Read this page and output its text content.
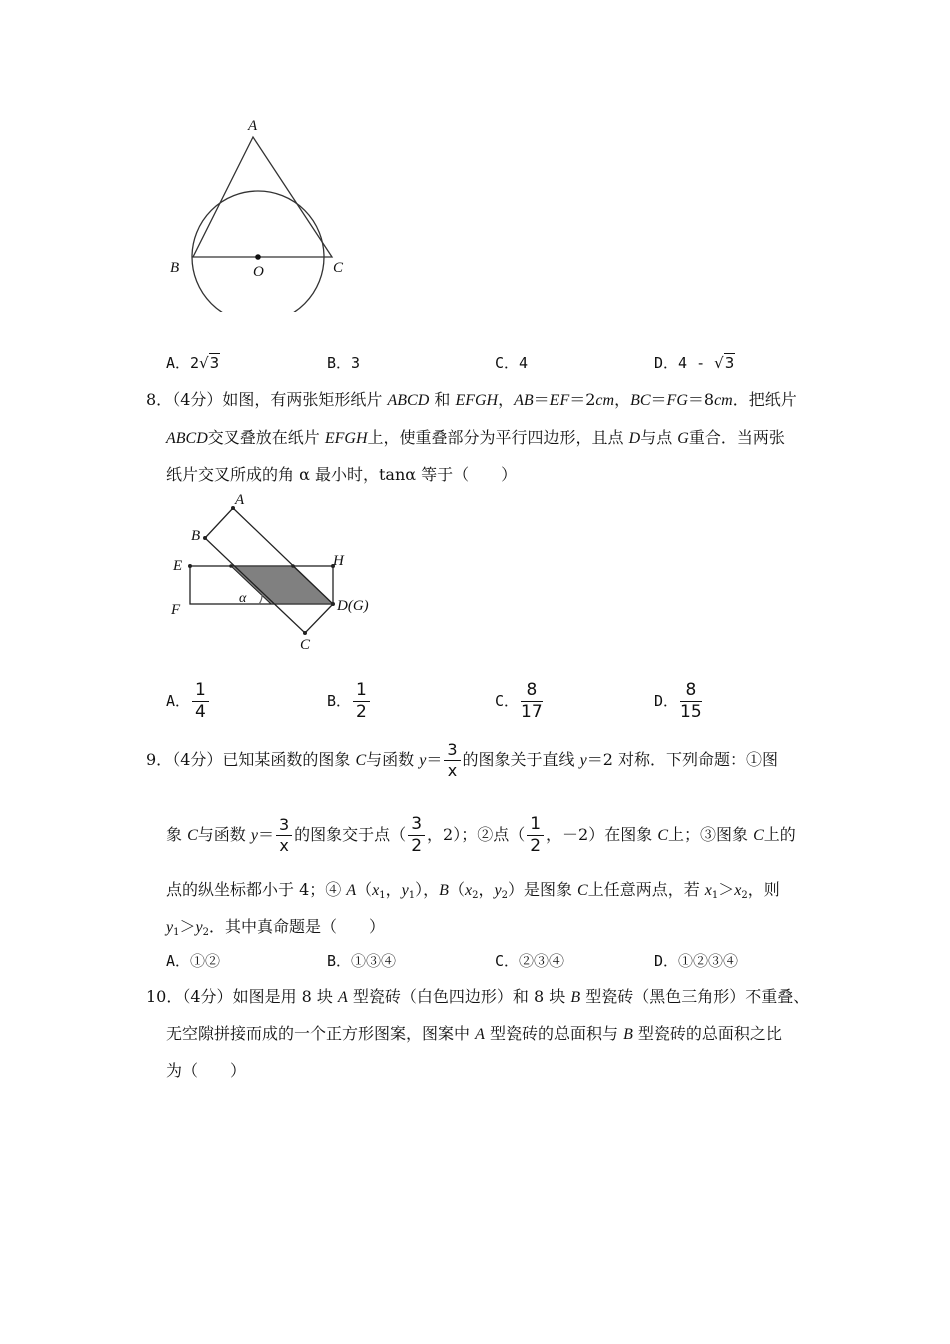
A
B	C
O
A．2√3	B．3	C．4	D．4 - √3
8．（4分）如图，有两张矩形纸片 ABCD 和 EFGH，AB＝EF＝2cm，BC＝FG＝8cm．把纸片
ABCD交叉叠放在纸片 EFGH上，使重叠部分为平行四边形，且点 D与点 G重合．当两张
纸片交叉所成的角 α 最小时，tanα 等于（　　）
A
B
C
E
F
H
D(G)
α
A． $\frac{1}{4}$	B． $\frac{1}{2}$	C． $\frac{8}{17}$	D． $\frac{8}{15}$
9．（4分）已知某函数的图象 C与函数 $y= \frac{3}{x}$ 的图象关于直线 y＝2 对称．下列命题：①图
象 C与函数 $y= \frac{3}{x}$ 的图象交于点（ $\frac{3}{2}$ ，2）；②点（ $\frac{1}{2}$ ，－2）在图象 C上；③图象 C上的
点的纵坐标都小于 4；④ $A(x_1$，$y_1$），$B(x_2$，$y_2$）是图象 C上任意两点，若 $x_1>x_2$，则
$y_1>y_2$．其中真命题是（　　）
A．①②	B．①③④	C．②③④	D．①②③④
10．（4分）如图是用 8 块 A 型瓷砖（白色四边形）和 8 块 B 型瓷砖（黑色三角形）不重叠、
无空隙拼接而成的一个正方形图案，图案中 A 型瓷砖的总面积与 B 型瓷砖的总面积之比
为（　　）
